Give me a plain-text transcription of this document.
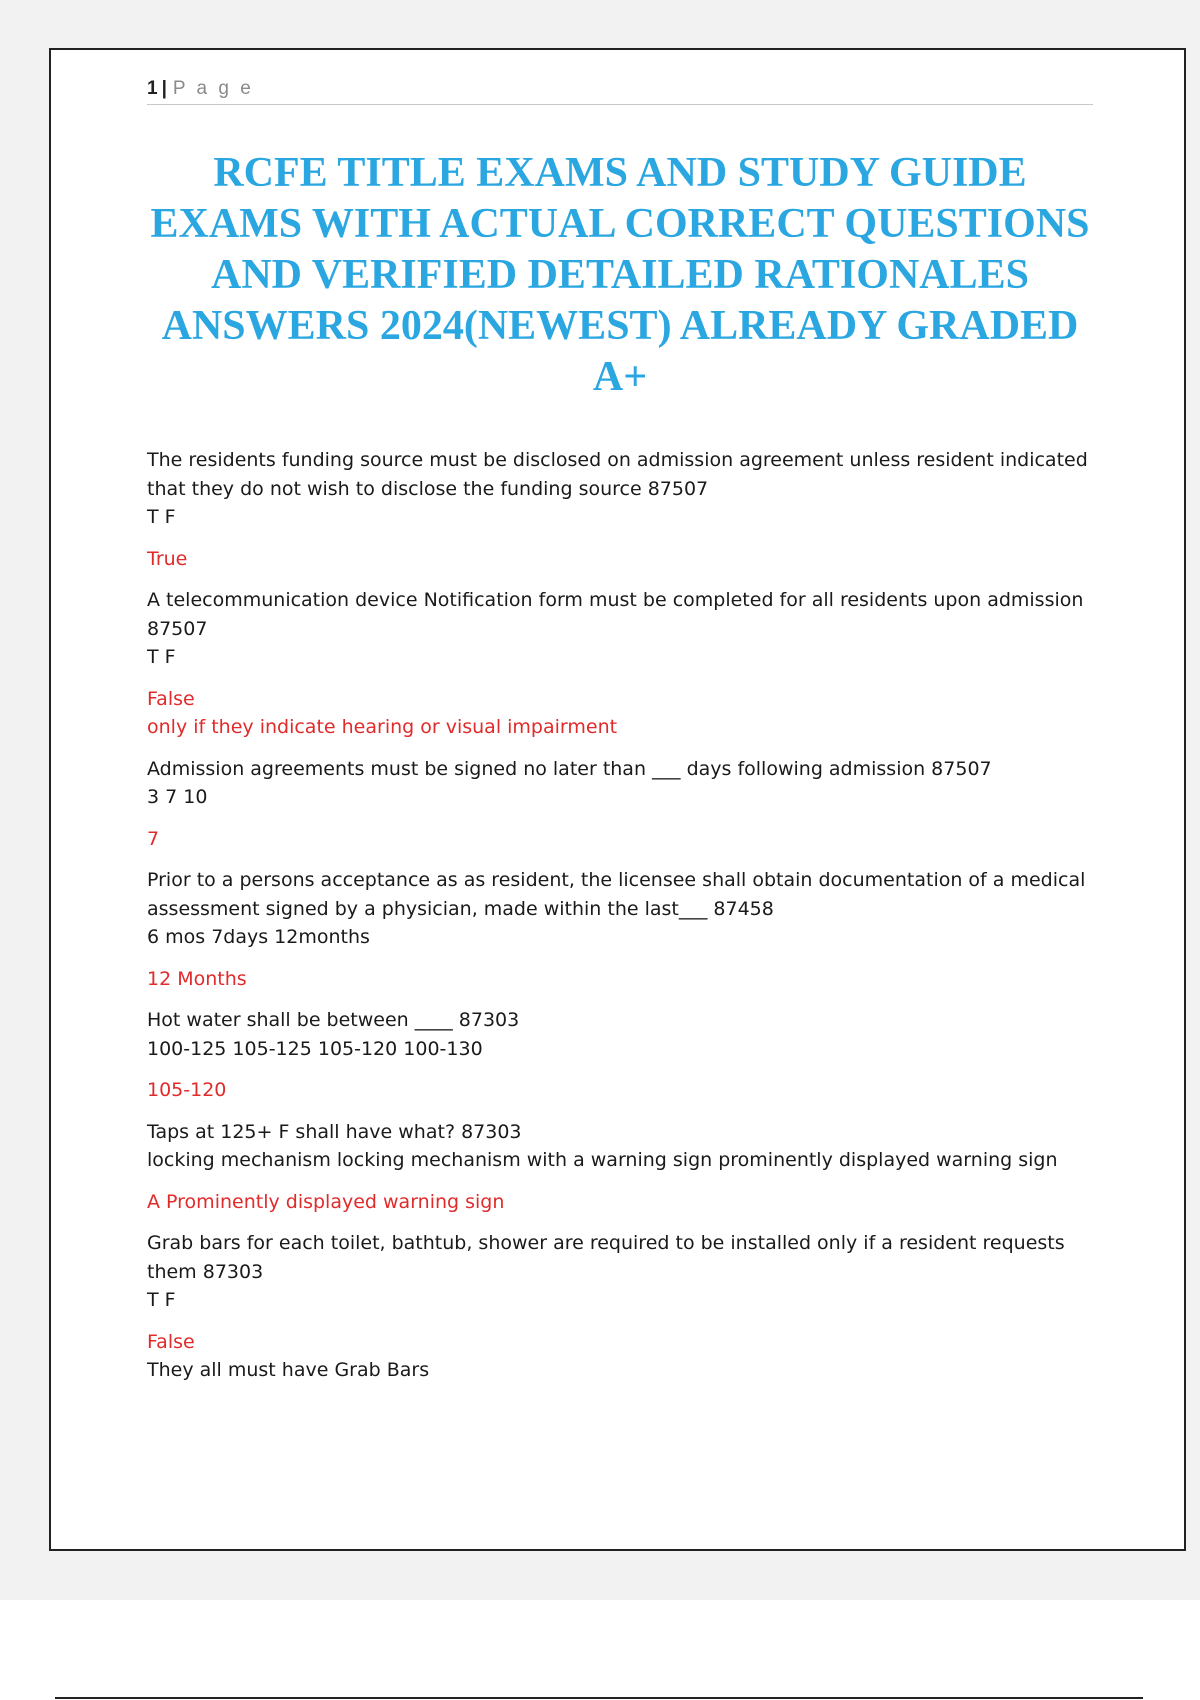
1 | P a g e
RCFE TITLE EXAMS AND STUDY GUIDE EXAMS WITH ACTUAL CORRECT QUESTIONS AND VERIFIED DETAILED RATIONALES ANSWERS 2024(NEWEST) ALREADY GRADED A+
The residents funding source must be disclosed on admission agreement unless resident indicated that they do not wish to disclose the funding source 87507
T F
True
A telecommunication device Notification form must be completed for all residents upon admission 87507
T F
False
only if they indicate hearing or visual impairment
Admission agreements must be signed no later than ___ days following admission 87507
3 7 10
7
Prior to a persons acceptance as as resident, the licensee shall obtain documentation of a medical assessment signed by a physician, made within the last___ 87458
6 mos 7days 12months
12 Months
Hot water shall be between ____ 87303
100-125 105-125 105-120 100-130
105-120
Taps at 125+ F shall have what? 87303
locking mechanism locking mechanism with a warning sign prominently displayed warning sign
A Prominently displayed warning sign
Grab bars for each toilet, bathtub, shower are required to be installed only if a resident requests them 87303
T F
False
They all must have Grab Bars
